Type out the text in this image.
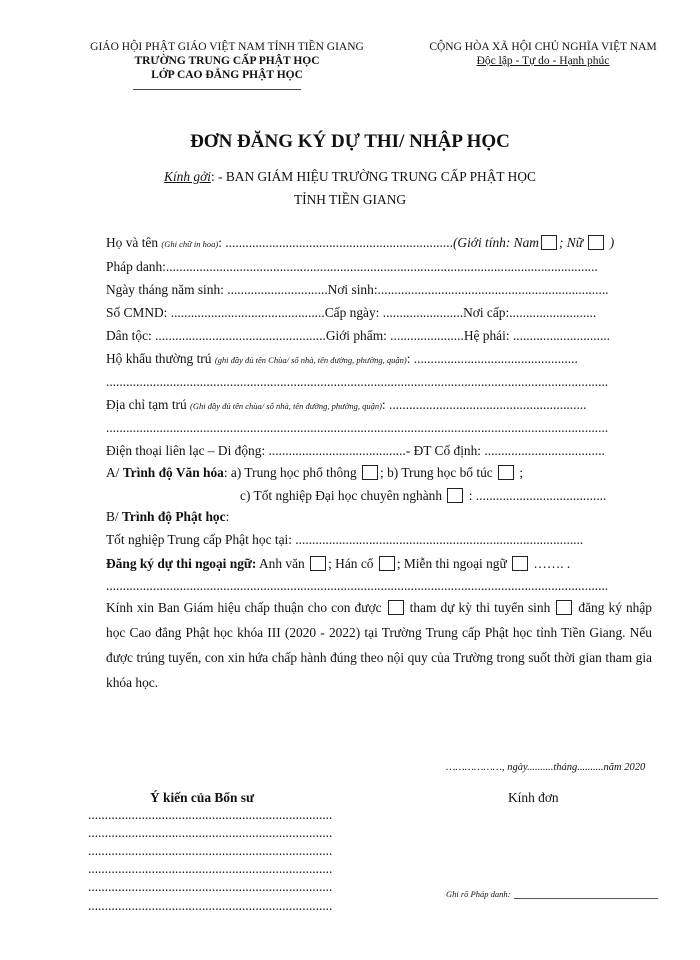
GIÁO HỘI PHẬT GIÁO VIỆT NAM TỈNH TIỀN GIANG
TRƯỜNG TRUNG CẤP PHẬT HỌC
LỚP CAO ĐẲNG PHẬT HỌC
CỘNG HÒA XÃ HỘI CHỦ NGHĨA VIỆT NAM
Độc lập - Tự do - Hạnh phúc
ĐƠN ĐĂNG KÝ DỰ THI/ NHẬP HỌC
Kính gởi: - BAN GIÁM HIỆU TRƯỜNG TRUNG CẤP PHẬT HỌC
TỈNH TIỀN GIANG
Họ và tên (Ghi chữ in hoa): ....................................................................(Giới tính: Nam ; Nữ  )
Pháp danh:.................................................................................................................................
Ngày tháng năm sinh: ..............................Nơi sinh:.....................................................................
Số CMND: ..............................................Cấp ngày: ........................Nơi cấp:..........................
Dân tộc: ...................................................Giới phẩm: ......................Hệ phái: .............................
Hộ khẩu thường trú (ghi đầy đủ tên Chùa/ số nhà, tên đường, phường, quận): .................................................
......................................................................................................................................................
Địa chỉ tạm trú (Ghi đầy đủ tên chùa/ số nhà, tên đường, phường, quận): ...........................................................
......................................................................................................................................................
Điện thoại liên lạc – Di động: .........................................- ĐT Cố định: ....................................
A/ Trình độ Văn hóa: a) Trung học phổ thông ; b) Trung học bổ túc  ;
c) Tốt nghiệp Đại học chuyên nghành  : .......................................
B/ Trình độ Phật học:
Tốt nghiệp Trung cấp Phật học tại: ......................................................................................
Đăng ký dự thi ngoại ngữ: Anh văn ; Hán cổ ; Miễn thi ngoại ngữ  ……. .
......................................................................................................................................................
Kính xin Ban Giám hiệu chấp thuận cho con được  tham dự kỳ thi tuyển sinh  đăng ký nhập học Cao đẳng Phật học khóa III (2020 - 2022) tại Trường Trung cấp Phật học tỉnh Tiền Giang. Nếu được trúng tuyển, con xin hứa chấp hành đúng theo nội quy của Trường trong suốt thời gian tham gia khóa học.
………………, ngày..........tháng..........năm 2020
Ý kiến của Bổn sư
.........................................................................
.........................................................................
.........................................................................
.........................................................................
.........................................................................
.........................................................................
Kính đơn
Ghi rõ Pháp danh:
